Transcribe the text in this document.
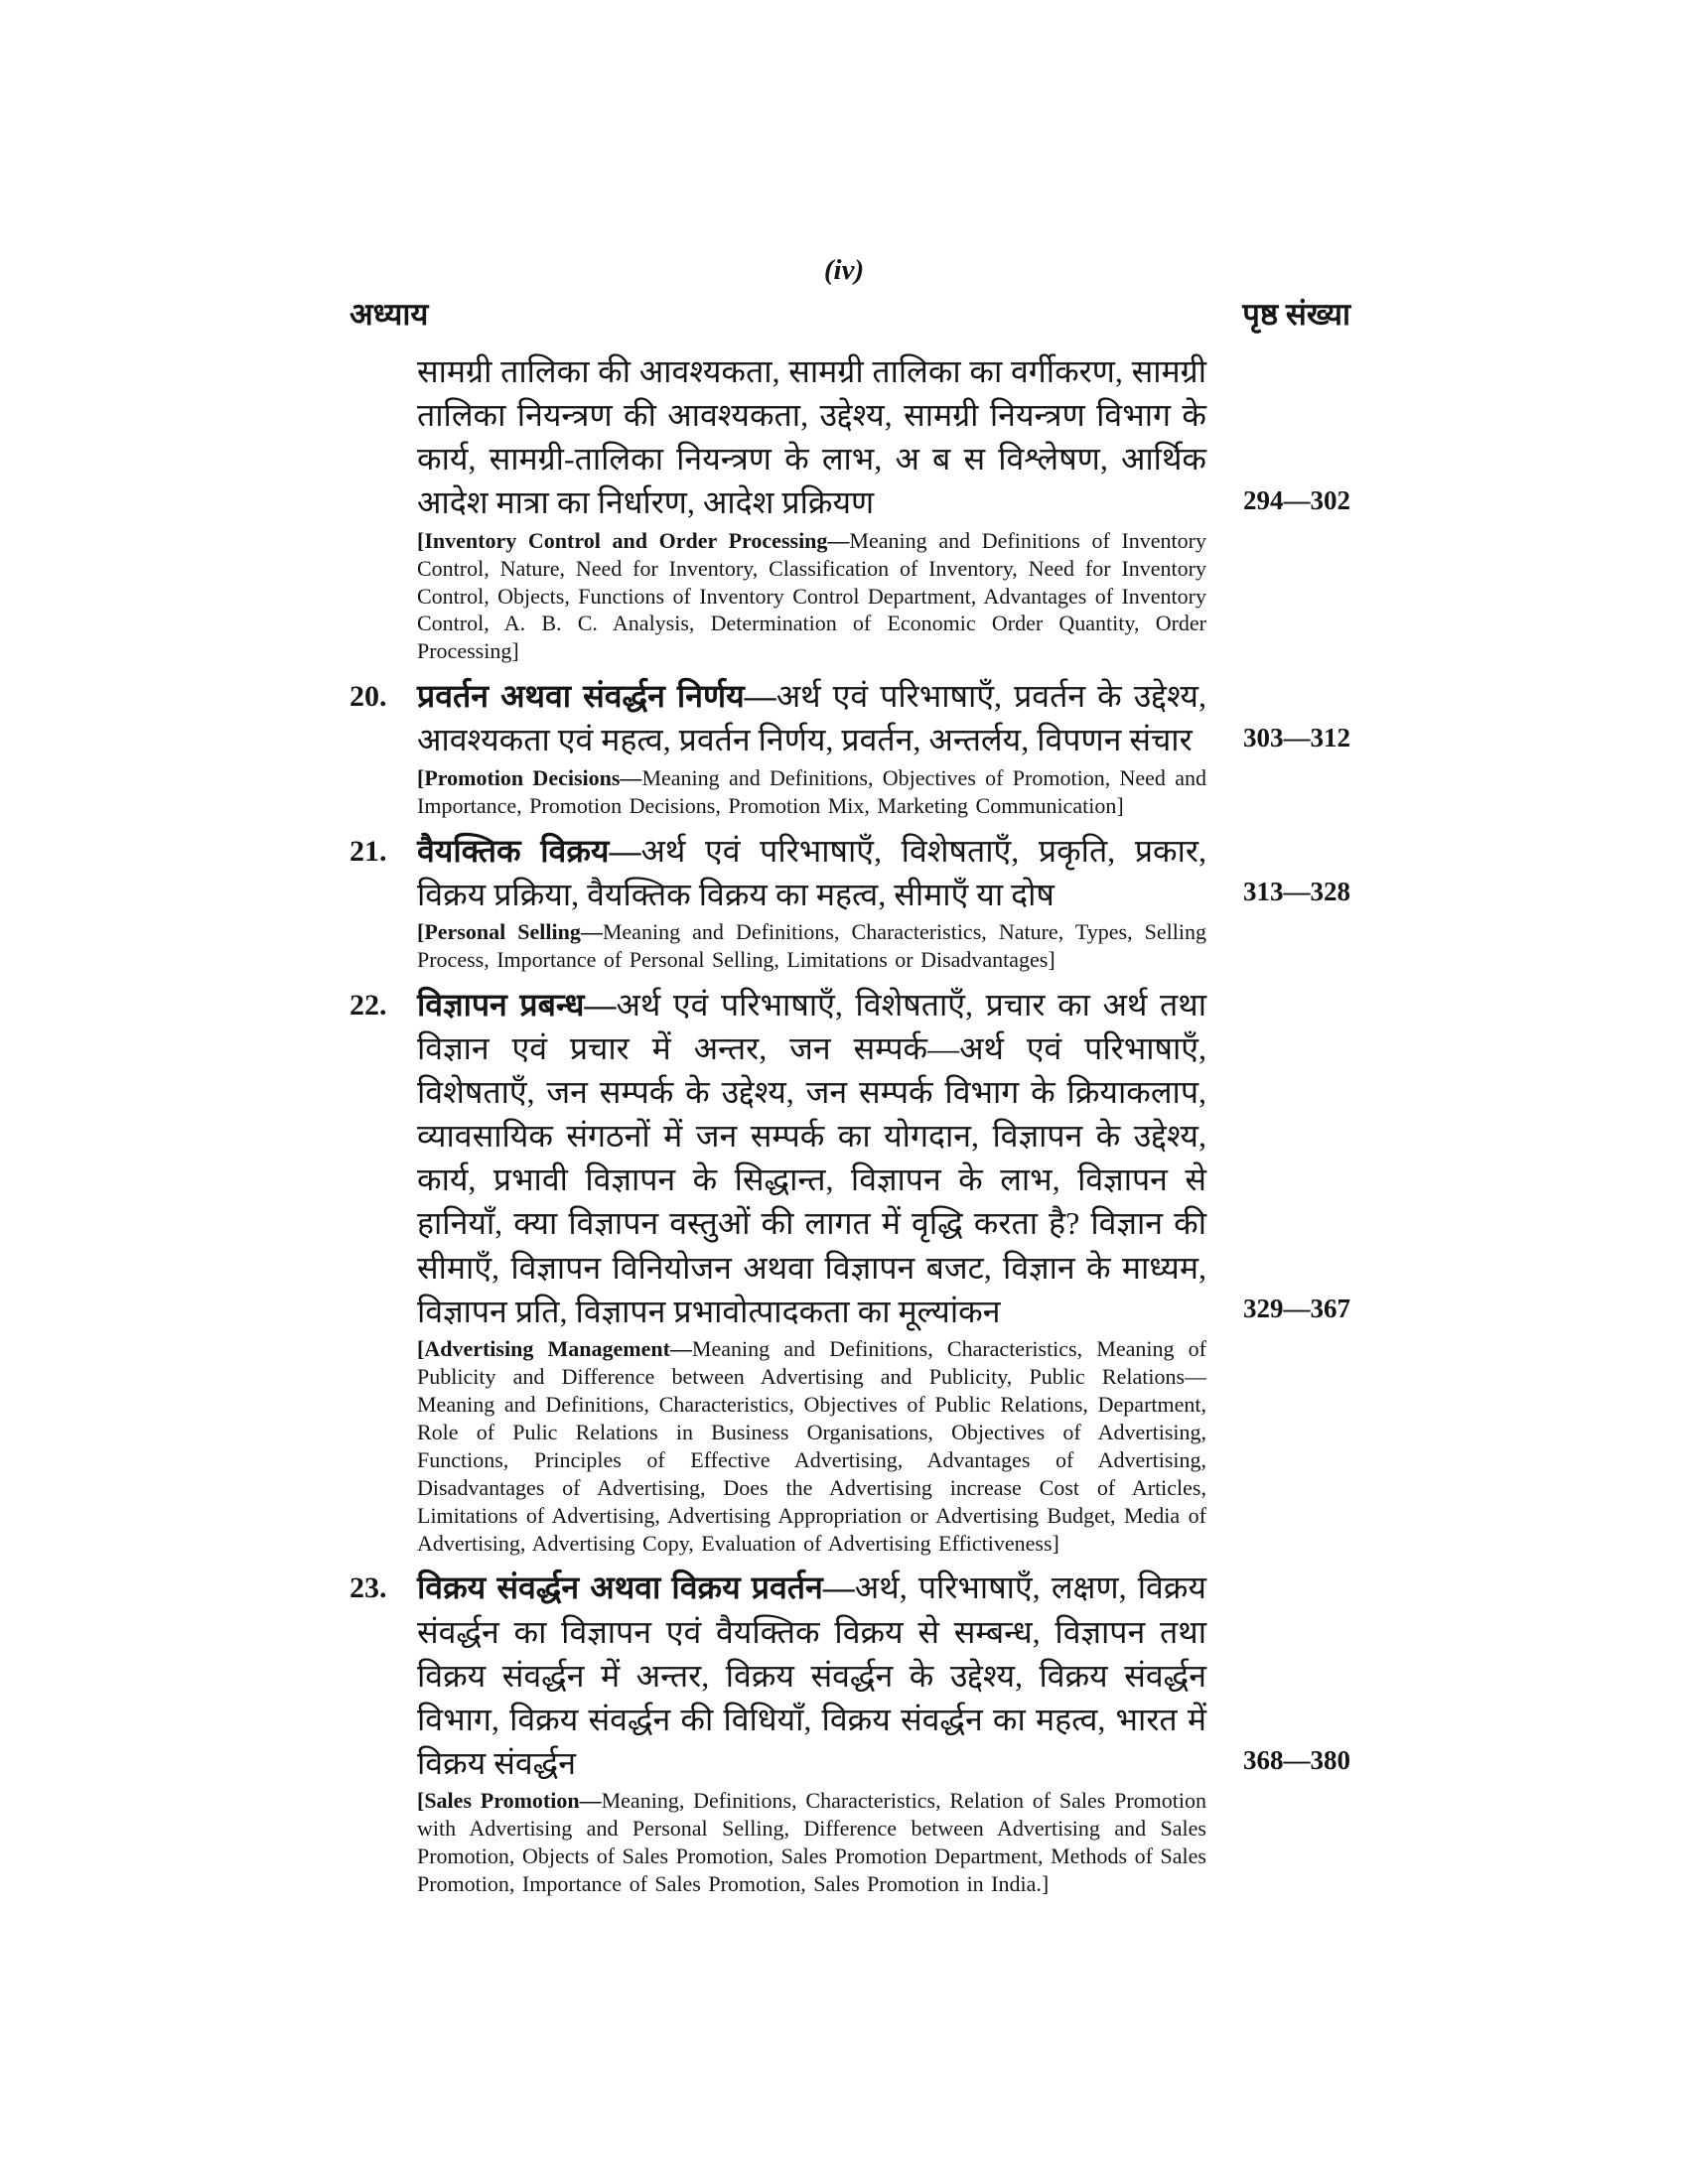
(iv)
अध्याय	पृष्ठ संख्या
सामग्री तालिका की आवश्यकता, सामग्री तालिका का वर्गीकरण, सामग्री तालिका नियन्त्रण की आवश्यकता, उद्देश्य, सामग्री नियन्त्रण विभाग के कार्य, सामग्री-तालिका नियन्त्रण के लाभ, अ ब स विश्लेषण, आर्थिक आदेश मात्रा का निर्धारण, आदेश प्रक्रियण	294—302
[Inventory Control and Order Processing—Meaning and Definitions of Inventory Control, Nature, Need for Inventory, Classification of Inventory, Need for Inventory Control, Objects, Functions of Inventory Control Department, Advantages of Inventory Control, A. B. C. Analysis, Determination of Economic Order Quantity, Order Processing]
20. प्रवर्तन अथवा संवर्द्धन निर्णय—अर्थ एवं परिभाषाएँ, प्रवर्तन के उद्देश्य, आवश्यकता एवं महत्व, प्रवर्तन निर्णय, प्रवर्तन, अन्तर्लय, विपणन संचार	303—312
[Promotion Decisions—Meaning and Definitions, Objectives of Promotion, Need and Importance, Promotion Decisions, Promotion Mix, Marketing Communication]
21. वैयक्तिक विक्रय—अर्थ एवं परिभाषाएँ, विशेषताएँ, प्रकृति, प्रकार, विक्रय प्रक्रिया, वैयक्तिक विक्रय का महत्व, सीमाएँ या दोष	313—328
[Personal Selling—Meaning and Definitions, Characteristics, Nature, Types, Selling Process, Importance of Personal Selling, Limitations or Disadvantages]
22. विज्ञापन प्रबन्ध—अर्थ एवं परिभाषाएँ, विशेषताएँ, प्रचार का अर्थ तथा विज्ञान एवं प्रचार में अन्तर, जन सम्पर्क—अर्थ एवं परिभाषाएँ, विशेषताएँ, जन सम्पर्क के उद्देश्य, जन सम्पर्क विभाग के क्रियाकलाप, व्यावसायिक संगठनों में जन सम्पर्क का योगदान, विज्ञापन के उद्देश्य, कार्य, प्रभावी विज्ञापन के सिद्धान्त, विज्ञापन के लाभ, विज्ञापन से हानियाँ, क्या विज्ञापन वस्तुओं की लागत में वृद्धि करता है? विज्ञान की सीमाएँ, विज्ञापन विनियोजन अथवा विज्ञापन बजट, विज्ञान के माध्यम, विज्ञापन प्रति, विज्ञापन प्रभावोत्पादकता का मूल्यांकन	329—367
[Advertising Management—Meaning and Definitions, Characteristics, Meaning of Publicity and Difference between Advertising and Publicity, Public Relations—Meaning and Definitions, Characteristics, Objectives of Public Relations, Department, Role of Pulic Relations in Business Organisations, Objectives of Advertising, Functions, Principles of Effective Advertising, Advantages of Advertising, Disadvantages of Advertising, Does the Advertising increase Cost of Articles, Limitations of Advertising, Advertising Appropriation or Advertising Budget, Media of Advertising, Advertising Copy, Evaluation of Advertising Effictiveness]
23. विक्रय संवर्द्धन अथवा विक्रय प्रवर्तन—अर्थ, परिभाषाएँ, लक्षण, विक्रय संवर्द्धन का विज्ञापन एवं वैयक्तिक विक्रय से सम्बन्ध, विज्ञापन तथा विक्रय संवर्द्धन में अन्तर, विक्रय संवर्द्धन के उद्देश्य, विक्रय संवर्द्धन विभाग, विक्रय संवर्द्धन की विधियाँ, विक्रय संवर्द्धन का महत्व, भारत में विक्रय संवर्द्धन	368—380
[Sales Promotion—Meaning, Definitions, Characteristics, Relation of Sales Promotion with Advertising and Personal Selling, Difference between Advertising and Sales Promotion, Objects of Sales Promotion, Sales Promotion Department, Methods of Sales Promotion, Importance of Sales Promotion, Sales Promotion in India.]
